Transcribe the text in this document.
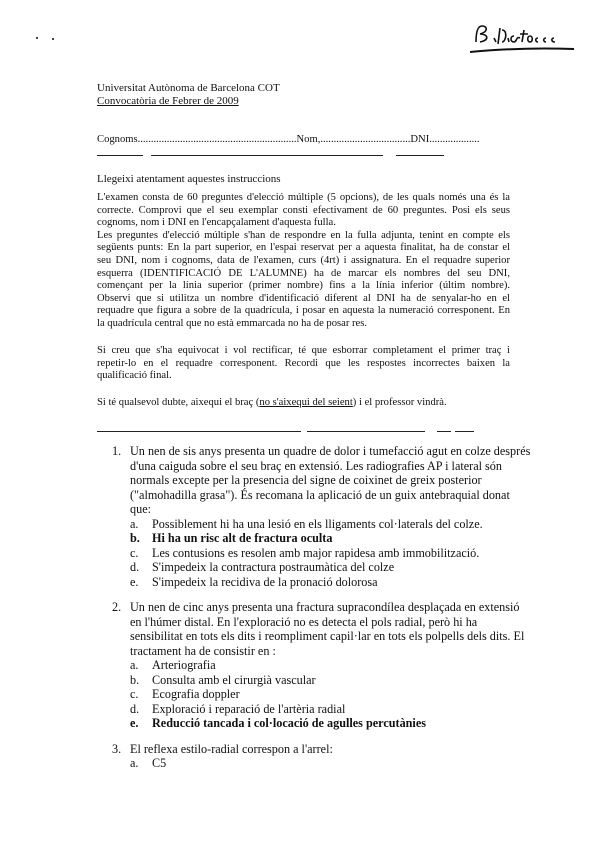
Universitat Autònoma de Barcelona COT
Convocatòria de Febrer de 2009
Cognoms............................................................Nom,..................................DNI...................
Llegeixi atentament aquestes instruccions
L'examen consta de 60 preguntes d'elecció múltiple (5 opcions), de les quals només una és la
correcte. Comprovi que el seu exemplar consti efectivament de 60 preguntes. Posi els seus
cognoms, nom i DNI en l'encapçalament d'aquesta fulla.
Les preguntes d'elecció múltiple s'han de respondre en la fulla adjunta, tenint en compte els
següents punts: En la part superior, en l'espai reservat per a aquesta finalitat, ha de constar el
seu DNI, nom i cognoms, data de l'examen, curs (4rt) i assignatura. En el requadre superior
esquerra (IDENTIFICACIÓ DE L'ALUMNE) ha de marcar els nombres del seu DNI,
començant per la línia superior (primer nombre) fins a la línia inferior (últim nombre).
Observi que si utilitza un nombre d'identificació diferent al DNI ha de senyalar-ho en el
requadre que figura a sobre de la quadrícula, i posar en aquesta la numeració corresponent. En
la quadrícula central que no està emmarcada no ha de posar res.
Si creu que s'ha equivocat i vol rectificar, té que esborrar completament el primer traç i
repetir-lo en el requadre corresponent. Recordi que les respostes incorrectes baixen la
qualificació final.
Si té qualsevol dubte, aixequi el braç (no s'aixequi del seient) i el professor vindrà.
1. Un nen de sis anys presenta un quadre de dolor i tumefacció agut en colze després
d'una caiguda sobre el seu braç en extensió. Les radiografies AP i lateral són
normals excepte per la presencia del signe de coixinet de greix posterior
("almohadilla grasa"). És recomana la aplicació de un guix antebraquial donat
que:
a. Possiblement hi ha una lesió en els lligaments col·laterals del colze.
b. Hi ha un risc alt de fractura oculta
c. Les contusions es resolen amb major rapidesa amb immobilització.
d. S'impedeix la contractura postraumàtica del colze
e. S'impedeix la recidiva de la pronació dolorosa
2. Un nen de cinc anys presenta una fractura supracondílea desplaçada en extensió
en l'húmer distal. En l'exploració no es detecta el pols radial, però hi ha
sensibilitat en tots els dits i reompliment capil·lar en tots els polpells dels dits. El
tractament ha de consistir en :
a. Arteriografia
b. Consulta amb el cirurgià vascular
c. Ecografia doppler
d. Exploració i reparació de l'artèria radial
e. Reducció tancada i col·locació de agulles percutànies
3. El reflexa estilo-radial correspon a l'arrel:
a. C5
